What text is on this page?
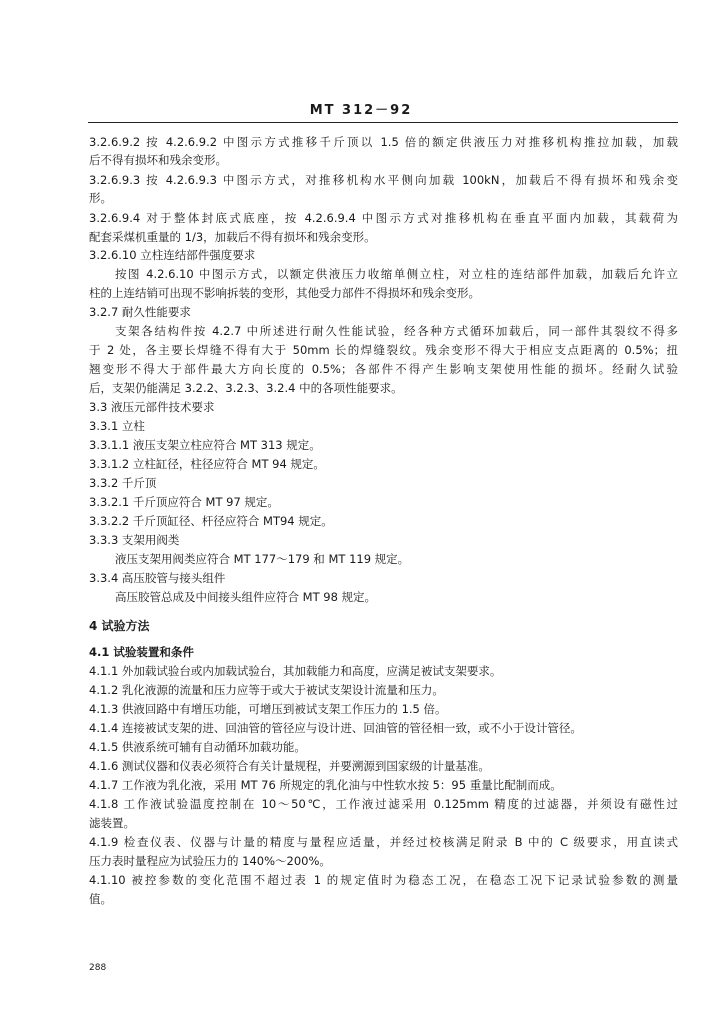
MT 312－92
3.2.6.9.2 按 4.2.6.9.2 中图示方式推移千斤顶以 1.5 倍的额定供液压力对推移机构推拉加载，加载
后不得有损坏和残余变形。
3.2.6.9.3 按 4.2.6.9.3 中图示方式，对推移机构水平侧向加载 100kN，加载后不得有损坏和残余变
形。
3.2.6.9.4 对于整体封底式底座，按 4.2.6.9.4 中图示方式对推移机构在垂直平面内加载，其载荷为
配套采煤机重量的 1/3，加载后不得有损坏和残余变形。
3.2.6.10 立柱连结部件强度要求
按图 4.2.6.10 中图示方式，以额定供液压力收缩单侧立柱，对立柱的连结部件加载，加载后允许立
柱的上连结销可出现不影响拆装的变形，其他受力部件不得损坏和残余变形。
3.2.7 耐久性能要求
支架各结构件按 4.2.7 中所述进行耐久性能试验，经各种方式循环加载后，同一部件其裂纹不得多
于 2 处，各主要长焊缝不得有大于 50mm 长的焊缝裂纹。残余变形不得大于相应支点距离的 0.5%；扭
翘变形不得大于部件最大方向长度的 0.5%；各部件不得产生影响支架使用性能的损坏。经耐久试验
后，支架仍能满足 3.2.2、3.2.3、3.2.4 中的各项性能要求。
3.3 液压元部件技术要求
3.3.1 立柱
3.3.1.1 液压支架立柱应符合 MT 313 规定。
3.3.1.2 立柱缸径，柱径应符合 MT 94 规定。
3.3.2 千斤顶
3.3.2.1 千斤顶应符合 MT 97 规定。
3.3.2.2 千斤顶缸径、杆径应符合 MT94 规定。
3.3.3 支架用阀类
液压支架用阀类应符合 MT 177～179 和 MT 119 规定。
3.3.4 高压胶管与接头组件
高压胶管总成及中间接头组件应符合 MT 98 规定。
4 试验方法
4.1 试验装置和条件
4.1.1 外加载试验台或内加载试验台，其加载能力和高度，应满足被试支架要求。
4.1.2 乳化液源的流量和压力应等于或大于被试支架设计流量和压力。
4.1.3 供液回路中有增压功能，可增压到被试支架工作压力的 1.5 倍。
4.1.4 连接被试支架的进、回油管的管径应与设计进、回油管的管径相一致，或不小于设计管径。
4.1.5 供液系统可辅有自动循环加载功能。
4.1.6 测试仪器和仪表必须符合有关计量规程，并要溯源到国家级的计量基准。
4.1.7 工作液为乳化液，采用 MT 76 所规定的乳化油与中性软水按 5：95 重量比配制而成。
4.1.8 工作液试验温度控制在 10～50℃，工作液过滤采用 0.125mm 精度的过滤器，并须设有磁性过
滤装置。
4.1.9 检查仪表、仪器与计量的精度与量程应适量，并经过校核满足附录 B 中的 C 级要求，用直读式
压力表时量程应为试验压力的 140%～200%。
4.1.10 被控参数的变化范围不超过表 1 的规定值时为稳态工况，在稳态工况下记录试验参数的测量
值。
288
